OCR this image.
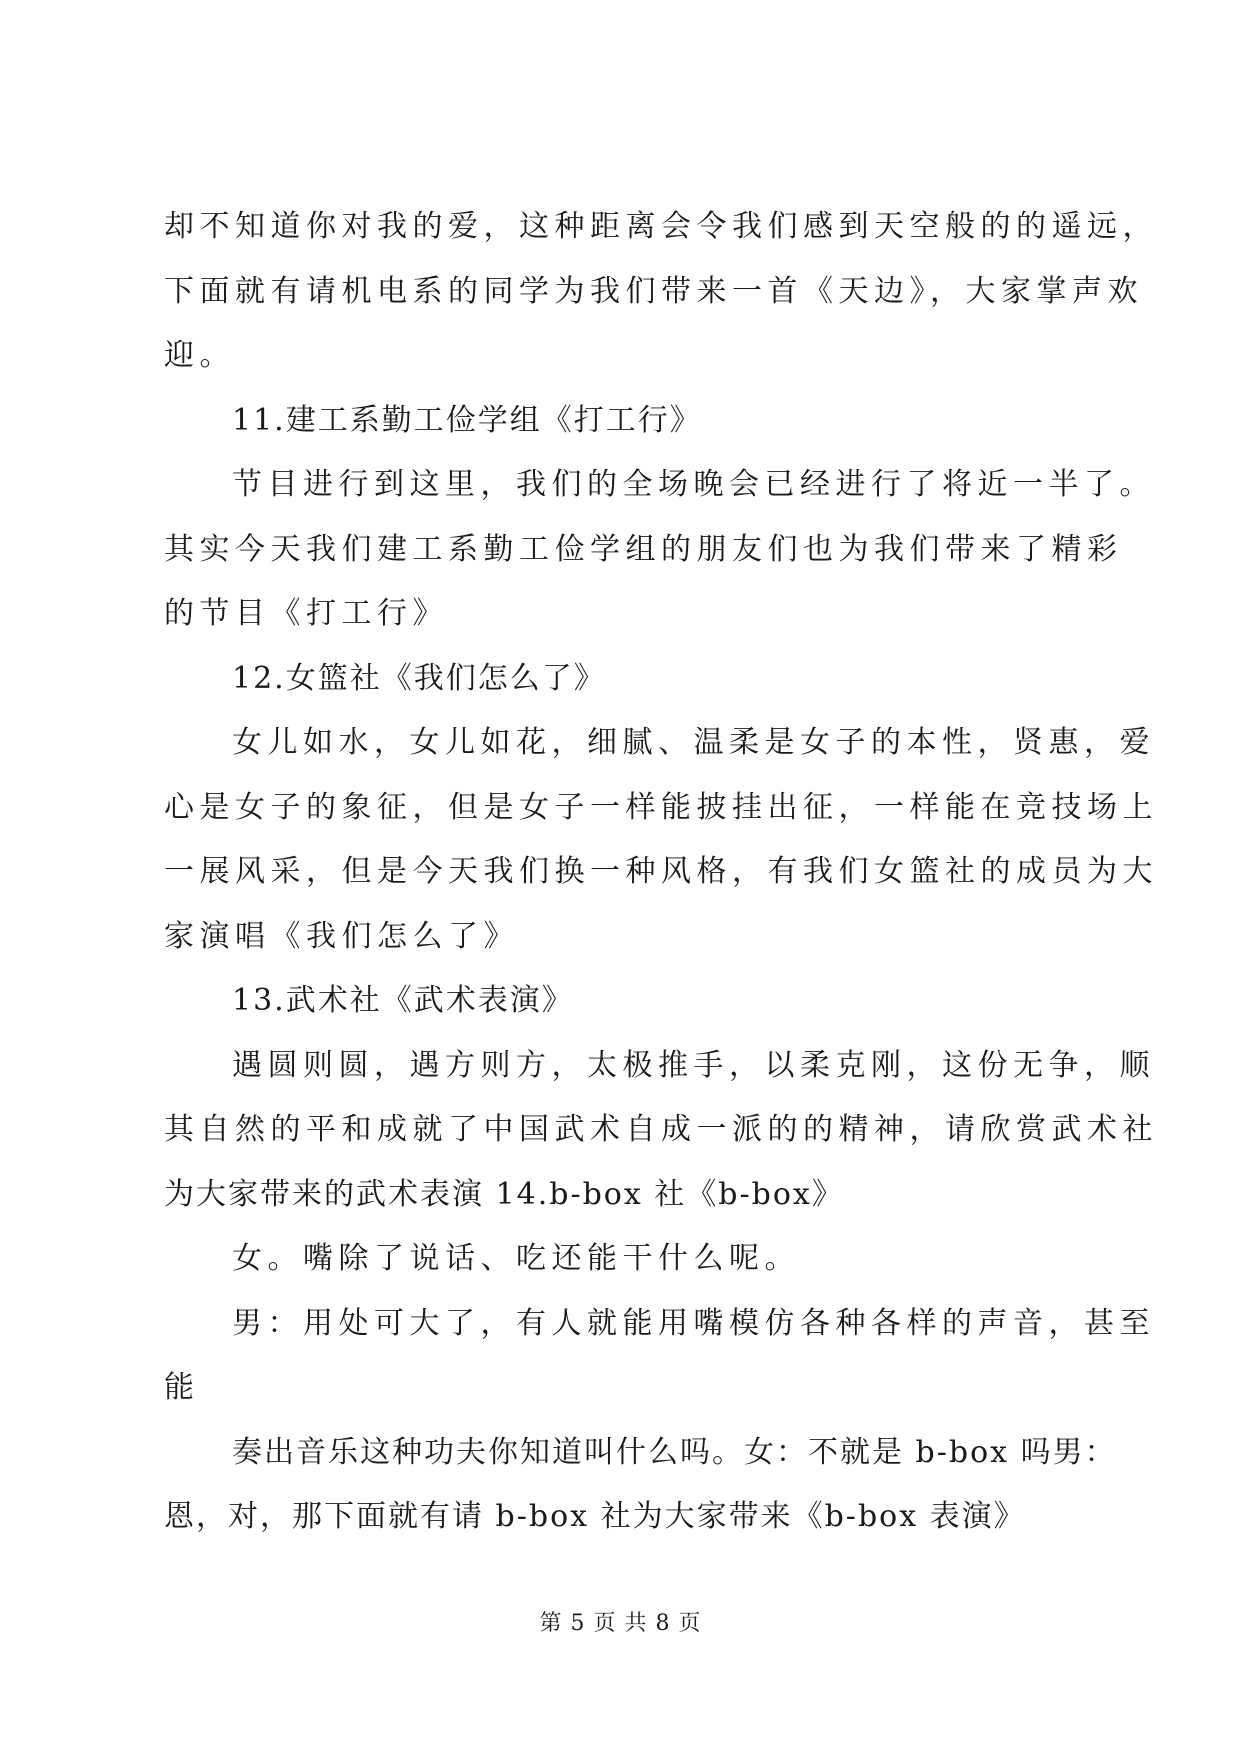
却不知道你对我的爱，这种距离会令我们感到天空般的的遥远，
下面就有请机电系的同学为我们带来一首《天边》，大家掌声欢
迎。
11.建工系勤工俭学组《打工行》
节目进行到这里，我们的全场晚会已经进行了将近一半了。
其实今天我们建工系勤工俭学组的朋友们也为我们带来了精彩
的节目《打工行》
12.女篮社《我们怎么了》
女儿如水，女儿如花，细腻、温柔是女子的本性，贤惠，爱
心是女子的象征，但是女子一样能披挂出征，一样能在竞技场上
一展风采，但是今天我们换一种风格，有我们女篮社的成员为大
家演唱《我们怎么了》
13.武术社《武术表演》
遇圆则圆，遇方则方，太极推手，以柔克刚，这份无争，顺
其自然的平和成就了中国武术自成一派的的精神，请欣赏武术社
为大家带来的武术表演 14.b-box 社《b-box》
女。嘴除了说话、吃还能干什么呢。
男：用处可大了，有人就能用嘴模仿各种各样的声音，甚至
能
奏出音乐这种功夫你知道叫什么吗。女：不就是 b-box 吗男：
恩，对，那下面就有请 b-box 社为大家带来《b-box 表演》
第 5 页 共 8 页
